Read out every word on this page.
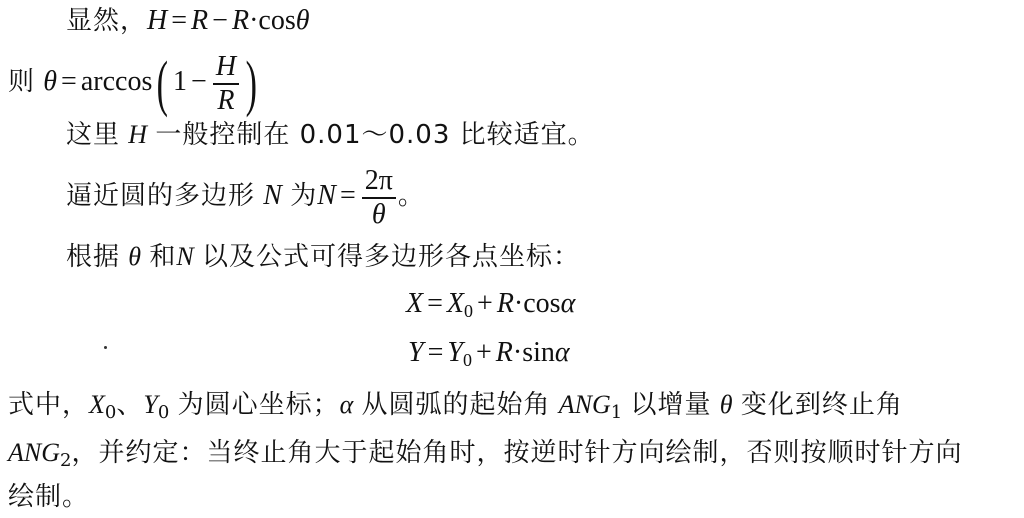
显然，H = R − R·cosθ
则 θ = arccos( $1 - \frac{H}{R}$ )
这里 H 一般控制在 0.01～0.03 比较适宜。
逼近圆的多边形 N 为$N = \frac{2\pi}{\theta}$ 。
根据 θ 和N 以及公式可得多边形各点坐标：
$X = X_0 + R\cdot\cos\alpha$
$Y = Y_0 + R\cdot\sin\alpha$
式中，$X_0$、$Y_0$ 为圆心坐标；α 从圆弧的起始角 $ANG_1$ 以增量 θ 变化到终止角
$ANG_2$，并约定：当终止角大于起始角时，按逆时针方向绘制，否则按顺时针方向
绘制。
